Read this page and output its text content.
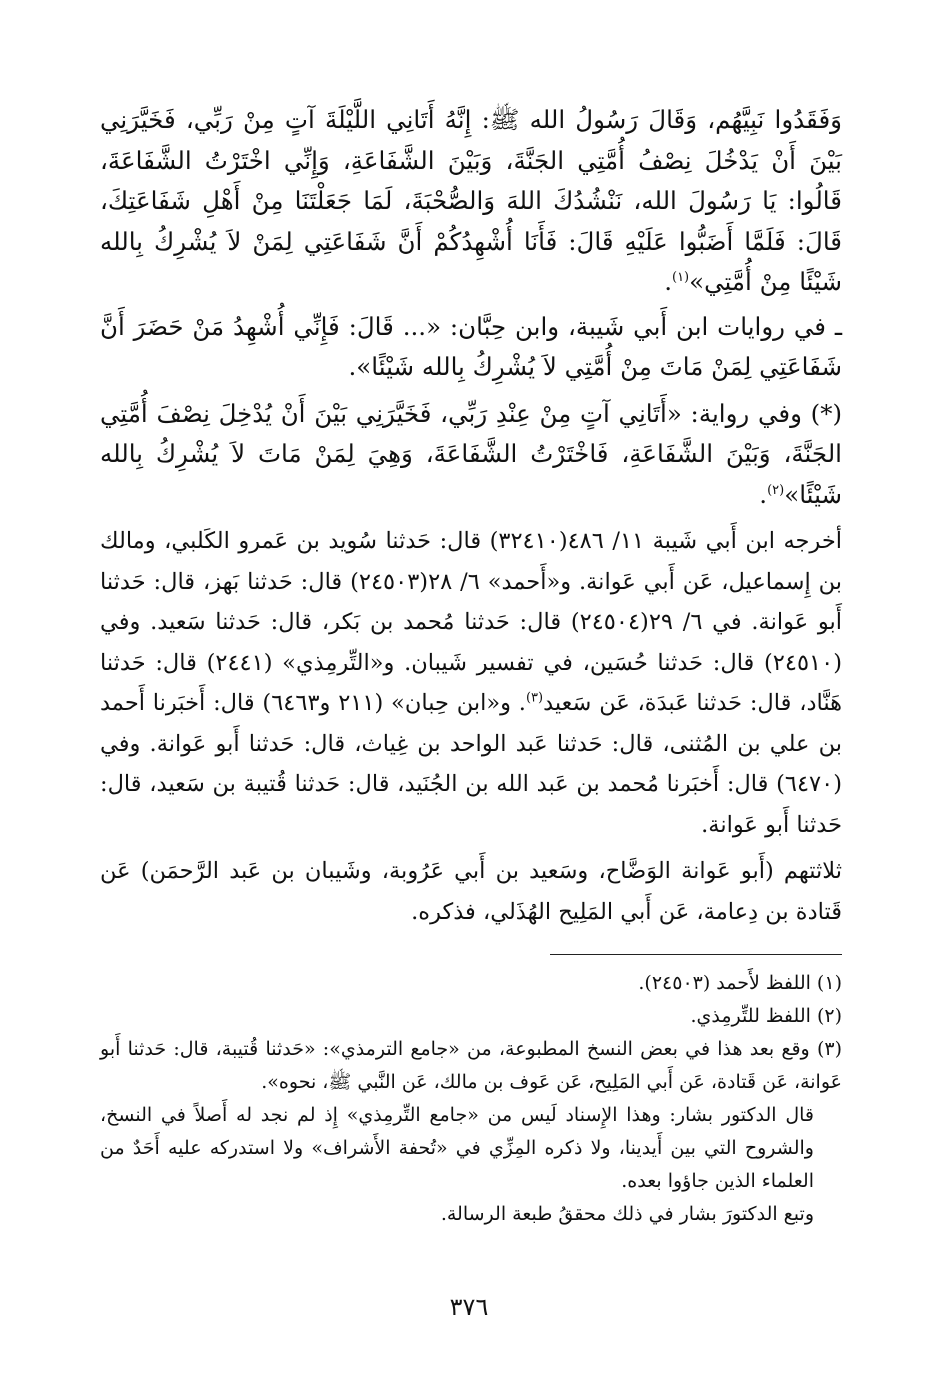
وَفَقَدُوا نَبِيَّهُم، وَقَالَ رَسُولُ الله ﷺ: إِنَّهُ أَتَانِي اللَّيْلَةَ آتٍ مِنْ رَبِّي، فَخَيَّرَنِي بَيْنَ أَنْ يَدْخُلَ نِصْفُ أُمَّتِي الجَنَّةَ، وَبَيْنَ الشَّفَاعَةِ، وَإِنِّي اخْتَرْتُ الشَّفَاعَةَ، قَالُوا: يَا رَسُولَ الله، نَنْشُدُكَ اللهَ وَالصُّحْبَةَ، لَمَا جَعَلْتَنَا مِنْ أَهْلِ شَفَاعَتِكَ، قَالَ: فَلَمَّا أَضَبُّوا عَلَيْهِ قَالَ: فَأَنَا أُشْهِدُكُمْ أَنَّ شَفَاعَتِي لِمَنْ لاَ يُشْرِكُ بِالله شَيْئًا مِنْ أُمَّتِي»$^{(١)}$.

ـ في روايات ابن أَبي شَيبة، وابن حِبَّان: «... قَالَ: فَإِنِّي أُشْهِدُ مَنْ حَضَرَ أَنَّ شَفَاعَتِي لِمَنْ مَاتَ مِنْ أُمَّتِي لاَ يُشْرِكُ بِالله شَيْئًا».

(*) وفي رواية: «أَتَانِي آتٍ مِنْ عِنْدِ رَبِّي، فَخَيَّرَنِي بَيْنَ أَنْ يُدْخِلَ نِصْفَ أُمَّتِي الجَنَّةَ، وَبَيْنَ الشَّفَاعَةِ، فَاخْتَرْتُ الشَّفَاعَةَ، وَهِيَ لِمَنْ مَاتَ لاَ يُشْرِكُ بِالله شَيْئًا»$^{(٢)}$.

أخرجه ابن أَبي شَيبة ١١/ ٤٨٦(٣٢٤١٠) قال: حَدثنا سُويد بن عَمرو الكَلبي، ومالك بن إِسماعيل، عَن أَبي عَوانة. و«أَحمد» ٦/ ٢٨(٢٤٥٠٣) قال: حَدثنا بَهز، قال: حَدثنا أَبو عَوانة. في ٦/ ٢٩(٢٤٥٠٤) قال: حَدثنا مُحمد بن بَكر، قال: حَدثنا سَعيد. وفي (٢٤٥١٠) قال: حَدثنا حُسَين، في تفسير شَيبان. و«التِّرمِذي» (٢٤٤١) قال: حَدثنا هَنَّاد، قال: حَدثنا عَبدَة، عَن سَعيد$^{(٣)}$. و«ابن حِبان» (٢١١ و٦٤٦٣) قال: أَخبَرنا أَحمد بن علي بن المُثنى، قال: حَدثنا عَبد الواحد بن غِياث، قال: حَدثنا أَبو عَوانة. وفي (٦٤٧٠) قال: أَخبَرنا مُحمد بن عَبد الله بن الجُنَيد، قال: حَدثنا قُتيبة بن سَعيد، قال: حَدثنا أَبو عَوانة.

ثلاثتهم (أَبو عَوانة الوَضَّاح، وسَعيد بن أَبي عَرُوبة، وشَيبان بن عَبد الرَّحمَن) عَن قَتادة بن دِعامة، عَن أَبي المَلِيح الهُذَلي، فذكره.

(١) اللفظ لأَحمد (٢٤٥٠٣).

(٢) اللفظ للتِّرمِذي.

(٣) وقع بعد هذا في بعض النسخ المطبوعة، من «جامع الترمذي»: «حَدثنا قُتيبة، قال: حَدثنا أَبو عَوانة، عَن قَتادة، عَن أَبي المَلِيح، عَن عَوف بن مالك، عَن النَّبي ﷺ، نحوه».

قال الدكتور بشار: وهذا الإِسناد لَيس من «جامع التِّرمِذي» إِذ لم نجد له أَصلاً في النسخ، والشروح التي بين أَيدينا، ولا ذكره المِزِّي في «تُحفة الأَشراف» ولا استدركه عليه أَحَدٌ من العلماء الذين جاؤوا بعده.

وتبع الدكتورَ بشار في ذلك محققُ طبعة الرسالة.

٣٧٦
